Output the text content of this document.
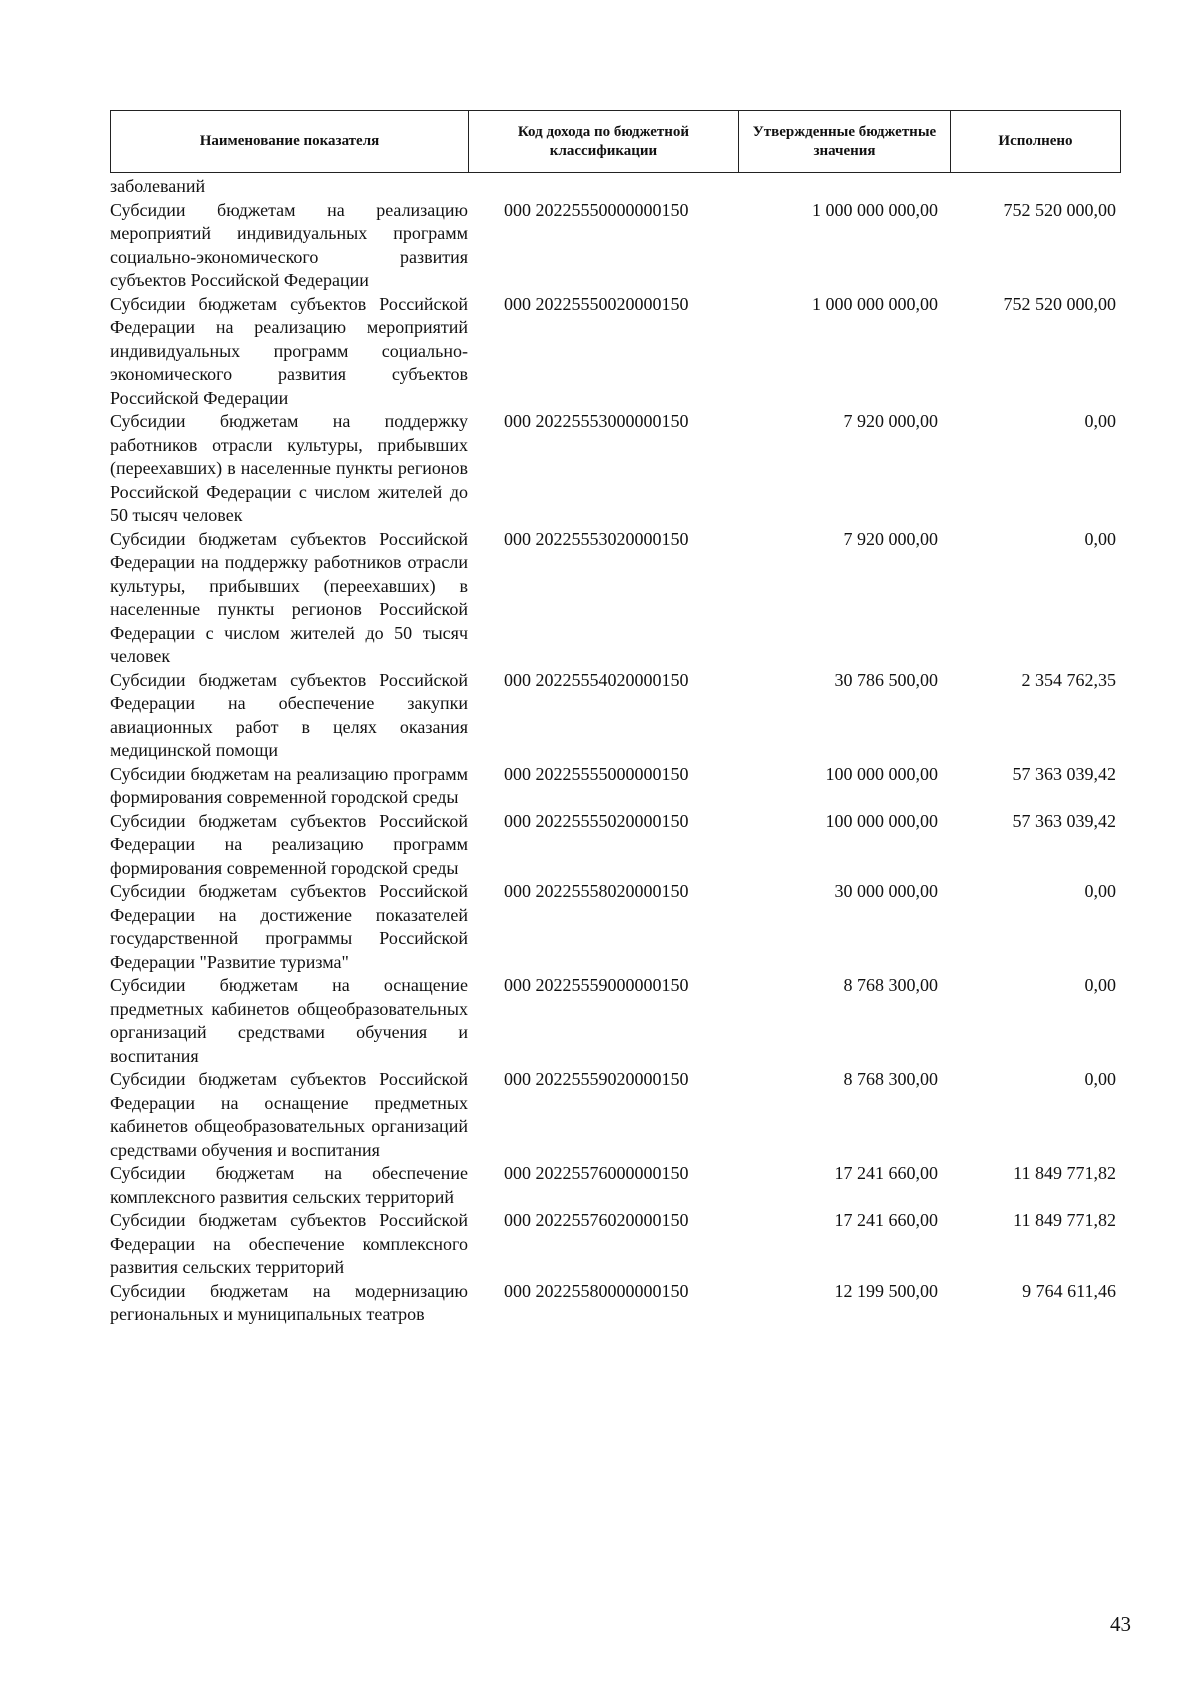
Наименование показателя	Код дохода по бюджетной классификации	Утвержденные бюджетные значения	Исполнено
заболеваний
Субсидии бюджетам на реализацию мероприятий индивидуальных программ социально-экономического развития субъектов Российской Федерации
000 20225550000000150	1 000 000 000,00	752 520 000,00
Субсидии бюджетам субъектов Российской Федерации на реализацию мероприятий индивидуальных программ социально-экономического развития субъектов Российской Федерации
000 20225550020000150	1 000 000 000,00	752 520 000,00
Субсидии бюджетам на поддержку работников отрасли культуры, прибывших (переехавших) в населенные пункты регионов Российской Федерации с числом жителей до 50 тысяч человек
000 20225553000000150	7 920 000,00	0,00
Субсидии бюджетам субъектов Российской Федерации на поддержку работников отрасли культуры, прибывших (переехавших) в населенные пункты регионов Российской Федерации с числом жителей до 50 тысяч человек
000 20225553020000150	7 920 000,00	0,00
Субсидии бюджетам субъектов Российской Федерации на обеспечение закупки авиационных работ в целях оказания медицинской помощи
000 20225554020000150	30 786 500,00	2 354 762,35
Субсидии бюджетам на реализацию программ формирования современной городской среды
000 20225555000000150	100 000 000,00	57 363 039,42
Субсидии бюджетам субъектов Российской Федерации на реализацию программ формирования современной городской среды
000 20225555020000150	100 000 000,00	57 363 039,42
Субсидии бюджетам субъектов Российской Федерации на достижение показателей государственной программы Российской Федерации "Развитие туризма"
000 20225558020000150	30 000 000,00	0,00
Субсидии бюджетам на оснащение предметных кабинетов общеобразовательных организаций средствами обучения и воспитания
000 20225559000000150	8 768 300,00	0,00
Субсидии бюджетам субъектов Российской Федерации на оснащение предметных кабинетов общеобразовательных организаций средствами обучения и воспитания
000 20225559020000150	8 768 300,00	0,00
Субсидии бюджетам на обеспечение комплексного развития сельских территорий
000 20225576000000150	17 241 660,00	11 849 771,82
Субсидии бюджетам субъектов Российской Федерации на обеспечение комплексного развития сельских территорий
000 20225576020000150	17 241 660,00	11 849 771,82
Субсидии бюджетам на модернизацию региональных и муниципальных театров
000 20225580000000150	12 199 500,00	9 764 611,46
43
